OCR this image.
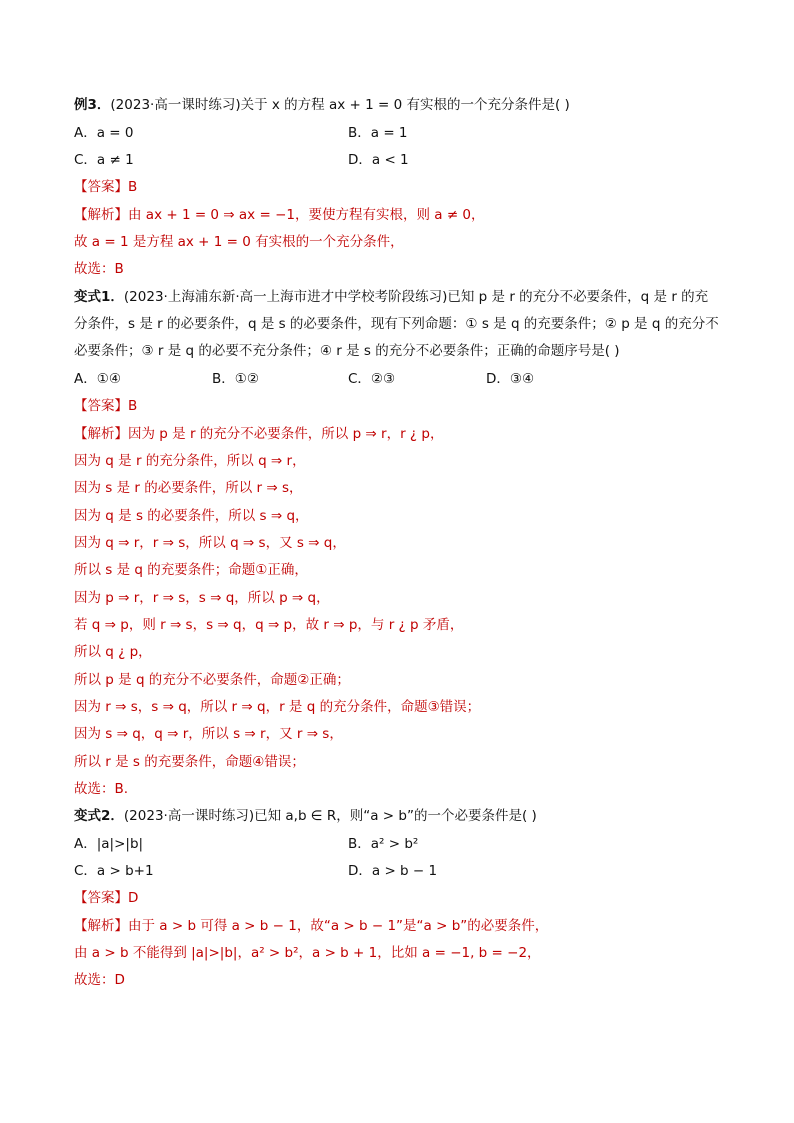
例3．(2023·高一课时练习)关于 x 的方程 ax + 1 = 0 有实根的一个充分条件是( )
A．a = 0	B．a = 1
C．a ≠ 1	D．a < 1
【答案】B
【解析】由 ax + 1 = 0 ⇒ ax = −1，要使方程有实根，则 a ≠ 0，
故 a = 1 是方程 ax + 1 = 0 有实根的一个充分条件，
故选：B
变式1．(2023·上海浦东新·高一上海市进才中学校考阶段练习)已知 p 是 r 的充分不必要条件，q 是 r 的充
分条件，s 是 r 的必要条件，q 是 s 的必要条件，现有下列命题：① s 是 q 的充要条件；② p 是 q 的充分不
必要条件；③ r 是 q 的必要不充分条件；④ r 是 s 的充分不必要条件；正确的命题序号是( )
A．①④	B．①②	C．②③	D．③④
【答案】B
【解析】因为 p 是 r 的充分不必要条件，所以 p ⇒ r，r ¿ p，
因为 q 是 r 的充分条件，所以 q ⇒ r，
因为 s 是 r 的必要条件，所以 r ⇒ s，
因为 q 是 s 的必要条件，所以 s ⇒ q，
因为 q ⇒ r，r ⇒ s，所以 q ⇒ s，又 s ⇒ q，
所以 s 是 q 的充要条件；命题①正确，
因为 p ⇒ r，r ⇒ s，s ⇒ q，所以 p ⇒ q，
若 q ⇒ p，则 r ⇒ s，s ⇒ q，q ⇒ p，故 r ⇒ p，与 r ¿ p 矛盾，
所以 q ¿ p，
所以 p 是 q 的充分不必要条件，命题②正确；
因为 r ⇒ s，s ⇒ q，所以 r ⇒ q，r 是 q 的充分条件，命题③错误；
因为 s ⇒ q，q ⇒ r，所以 s ⇒ r，又 r ⇒ s，
所以 r 是 s 的充要条件，命题④错误；
故选：B.
变式2．(2023·高一课时练习)已知 a,b ∈ R，则“a > b”的一个必要条件是( )
A．|a|>|b|	B．a² > b²
C．a > b+1	D．a > b − 1
【答案】D
【解析】由于 a > b 可得 a > b − 1，故“a > b − 1”是“a > b”的必要条件，
由 a > b 不能得到 |a|>|b|，a² > b²，a > b + 1，比如 a = −1, b = −2，
故选：D
